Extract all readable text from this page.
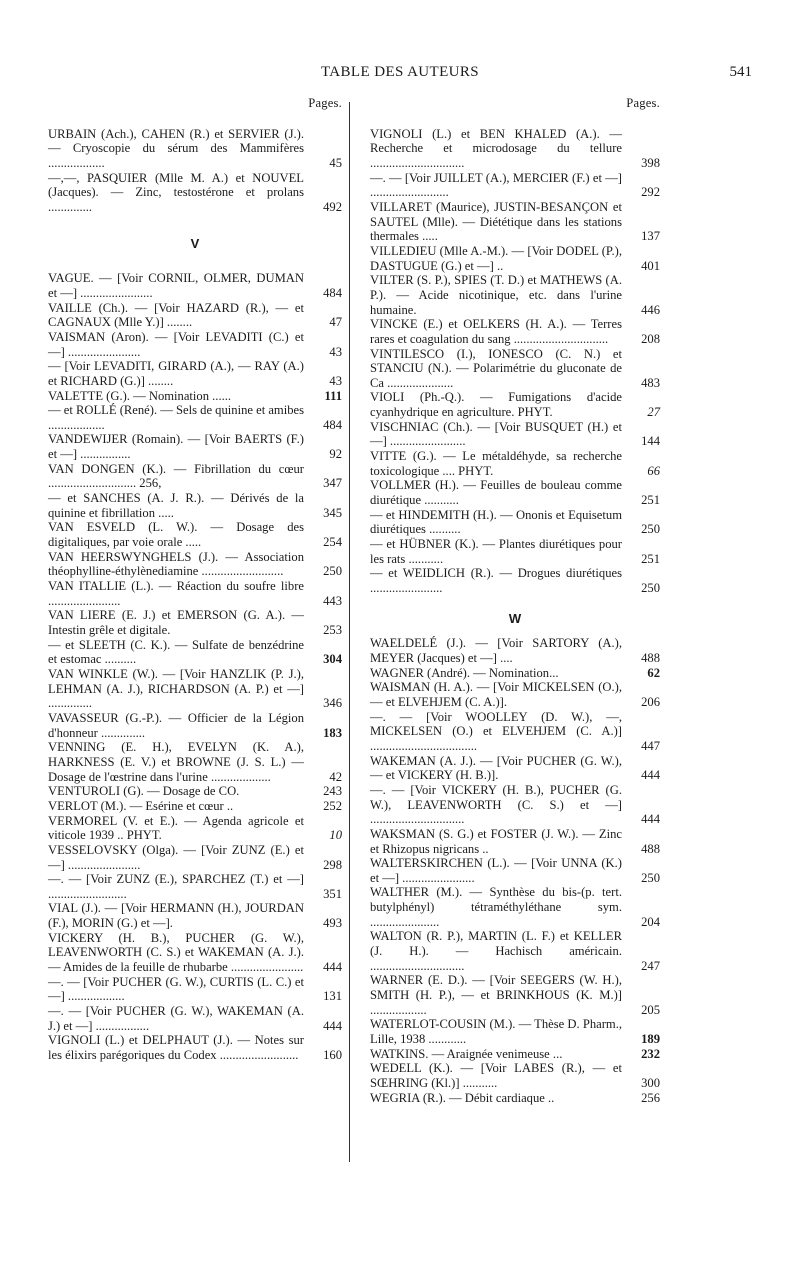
TABLE DES AUTEURS	541
Pages.
URBAIN (Ach.), CAHEN (R.) et SERVIER (J.). — Cryoscopie du sérum des Mammifères ..................	45
—,—, PASQUIER (Mlle M. A.) et NOUVEL (Jacques). — Zinc, testostérone et prolans ..............	492
V
VAGUE. — [Voir CORNIL, OLMER, DUMAN et —] .......................	484
VAILLE (Ch.). — [Voir HAZARD (R.), — et CAGNAUX (Mlle Y.)] ........	47
VAISMAN (Aron). — [Voir LEVADITI (C.) et —] .......................	43
— [Voir LEVADITI, GIRARD (A.), — RAY (A.) et RICHARD (G.)] ........	43
VALETTE (G.). — Nomination ......	111
— et ROLLÉ (René). — Sels de quinine et amibes ..................	484
VANDEWIJER (Romain). — [Voir BAERTS (F.) et —] ................	92
VAN DONGEN (K.). — Fibrillation du cœur ............................ 256,	347
— et SANCHES (A. J. R.). — Dérivés de la quinine et fibrillation .....	345
VAN ESVELD (L. W.). — Dosage des digitaliques, par voie orale .....	254
VAN HEERSWYNGHELS (J.). — Association théophylline-éthylènediamine ..........................	250
VAN ITALLIE (L.). — Réaction du soufre libre .......................	443
VAN LIERE (E. J.) et EMERSON (G. A.). — Intestin grêle et digitale.	253
— et SLEETH (C. K.). — Sulfate de benzédrine et estomac ..........	304
VAN WINKLE (W.). — [Voir HANZLIK (P. J.), LEHMAN (A. J.), RICHARDSON (A. P.) et —] ..............	346
VAVASSEUR (G.-P.). — Officier de la Légion d'honneur ..............	183
VENNING (E. H.), EVELYN (K. A.), HARKNESS (E. V.) et BROWNE (J. S. L.) — Dosage de l'œstrine dans l'urine ...................	42
VENTUROLI (G). — Dosage de CO.	243
VERLOT (M.). — Esérine et cœur ..	252
VERMOREL (V. et E.). — Agenda agricole et viticole 1939 .. PHYT.	10
VESSELOVSKY (Olga). — [Voir ZUNZ (E.) et —] .......................	298
—. — [Voir ZUNZ (E.), SPARCHEZ (T.) et —] .........................	351
VIAL (J.). — [Voir HERMANN (H.), JOURDAN (F.), MORIN (G.) et —].	493
VICKERY (H. B.), PUCHER (G. W.), LEAVENWORTH (C. S.) et WAKEMAN (A. J.). — Amides de la feuille de rhubarbe .......................	444
—. — [Voir PUCHER (G. W.), CURTIS (L. C.) et —] ..................	131
—. — [Voir PUCHER (G. W.), WAKEMAN (A. J.) et —] .................	444
VIGNOLI (L.) et DELPHAUT (J.). — Notes sur les élixirs parégoriques du Codex .........................	160
Pages.
VIGNOLI (L.) et BEN KHALED (A.). — Recherche et microdosage du tellure ..............................	398
—. — [Voir JUILLET (A.), MERCIER (F.) et —] .........................	292
VILLARET (Maurice), JUSTIN-BESANÇON et SAUTEL (Mlle). — Diététique dans les stations thermales .....	137
VILLEDIEU (Mlle A.-M.). — [Voir DODEL (P.), DASTUGUE (G.) et —] ..	401
VILTER (S. P.), SPIES (T. D.) et MATHEWS (A. P.). — Acide nicotinique, etc. dans l'urine humaine.	446
VINCKE (E.) et OELKERS (H. A.). — Terres rares et coagulation du sang ..............................	208
VINTILESCO (I.), IONESCO (C. N.) et STANCIU (N.). — Polarimétrie du gluconate de Ca .....................	483
VIOLI (Ph.-Q.). — Fumigations d'acide cyanhydrique en agriculture. PHYT.	27
VISCHNIAC (Ch.). — [Voir BUSQUET (H.) et —] ........................	144
VITTE (G.). — Le métaldéhyde, sa recherche toxicologique .... PHYT.	66
VOLLMER (H.). — Feuilles de bouleau comme diurétique ...........	251
— et HINDEMITH (H.). — Ononis et Equisetum diurétiques ..........	250
— et HÜBNER (K.). — Plantes diurétiques pour les rats ...........	251
— et WEIDLICH (R.). — Drogues diurétiques .......................	250
W
WAELDELÉ (J.). — [Voir SARTORY (A.), MEYER (Jacques) et —] ....	488
WAGNER (André). — Nomination...	62
WAISMAN (H. A.). — [Voir MICKELSEN (O.), — et ELVEHJEM (C. A.)].	206
—. — [Voir WOOLLEY (D. W.), —, MICKELSEN (O.) et ELVEHJEM (C. A.)] ..................................	447
WAKEMAN (A. J.). — [Voir PUCHER (G. W.), — et VICKERY (H. B.)].	444
—. — [Voir VICKERY (H. B.), PUCHER (G. W.), LEAVENWORTH (C. S.) et —] ..............................	444
WAKSMAN (S. G.) et FOSTER (J. W.). — Zinc et Rhizopus nigricans ..	488
WALTERSKIRCHEN (L.). — [Voir UNNA (K.) et —] .......................	250
WALTHER (M.). — Synthèse du bis-(p. tert. butylphényl) tétraméthyléthane sym. ......................	204
WALTON (R. P.), MARTIN (L. F.) et KELLER (J. H.). — Hachisch américain. ..............................	247
WARNER (E. D.). — [Voir SEEGERS (W. H.), SMITH (H. P.), — et BRINKHOUS (K. M.)] ..................	205
WATERLOT-COUSIN (M.). — Thèse D. Pharm., Lille, 1938 ............	189
WATKINS. — Araignée venimeuse ...	232
WEDELL (K.). — [Voir LABES (R.), — et SŒHRING (Kl.)] ...........	300
WEGRIA (R.). — Débit cardiaque ..	256
